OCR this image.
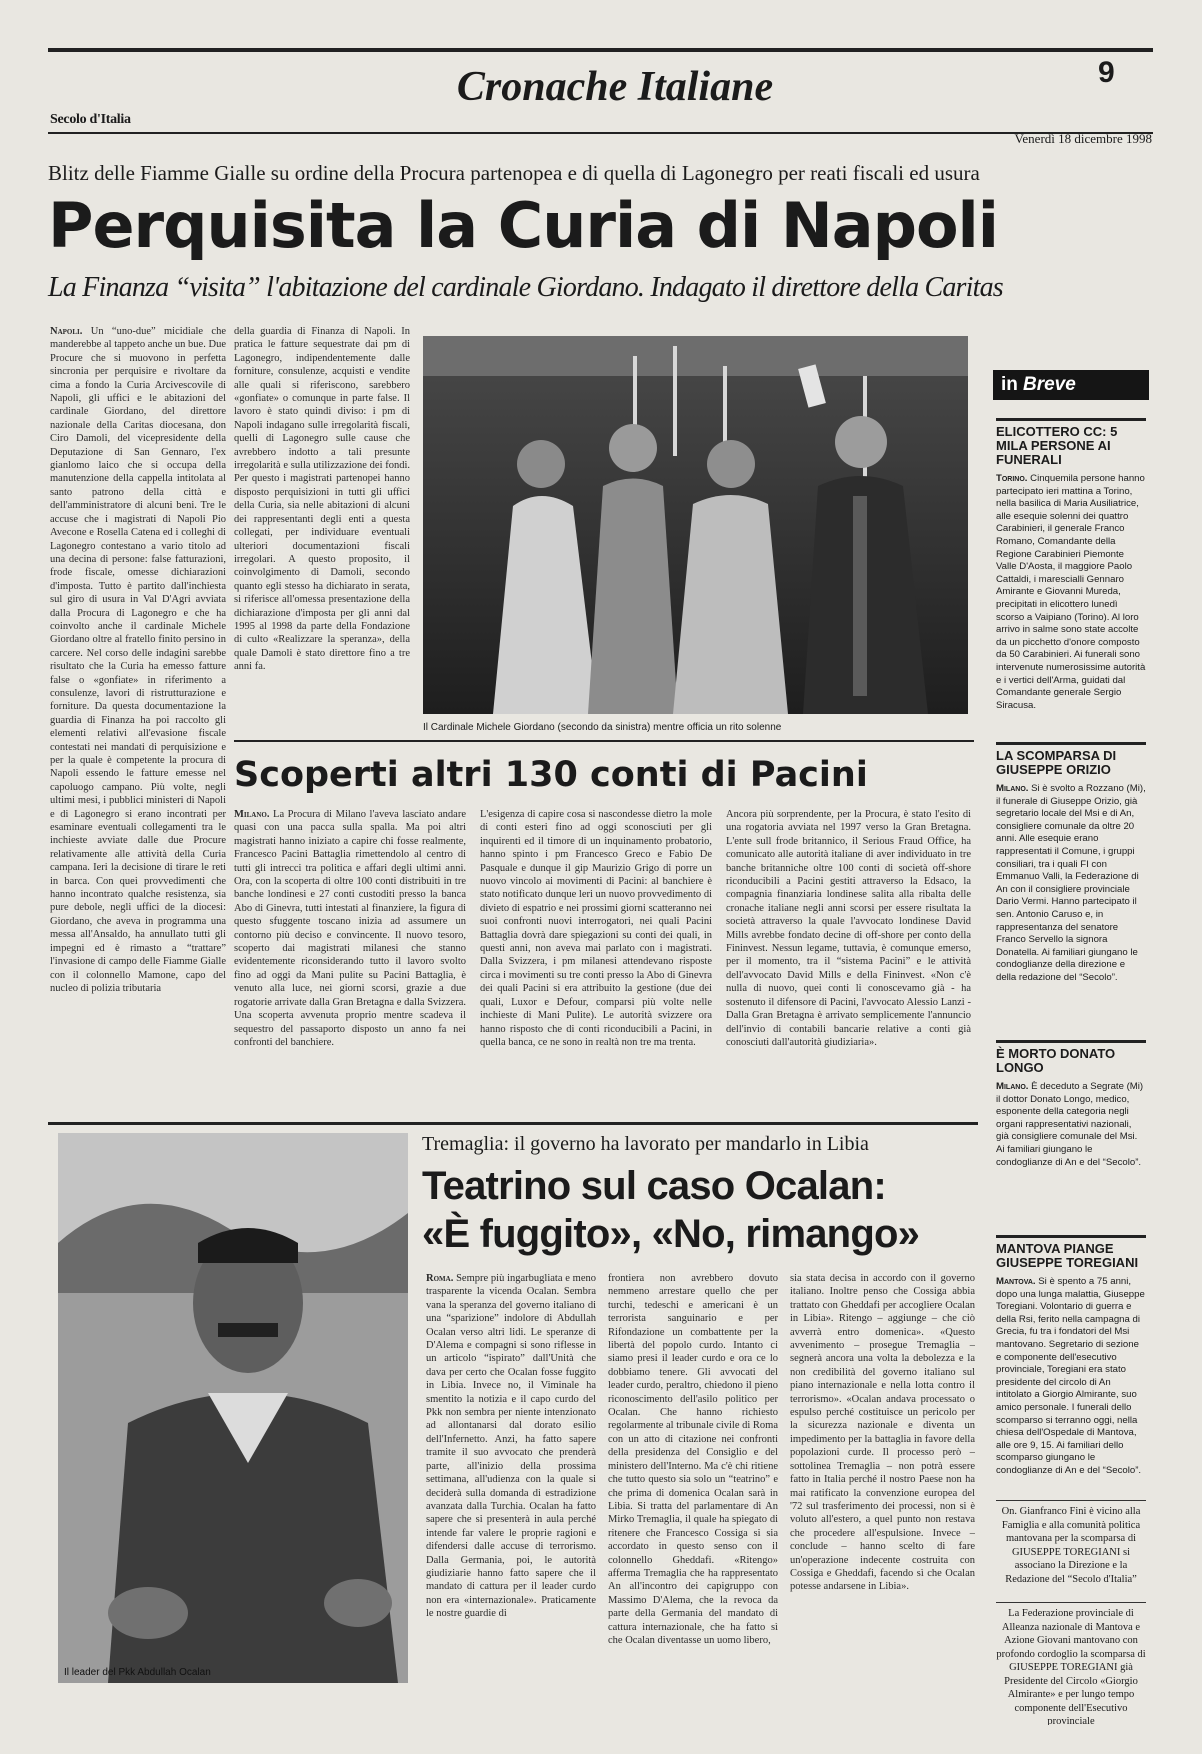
Secolo d'Italia
Cronache Italiane	9
Venerdì 18 dicembre 1998
Blitz delle Fiamme Gialle su ordine della Procura partenopea e di quella di Lagonegro per reati fiscali ed usura
Perquisita la Curia di Napoli
La Finanza “visita” l'abitazione del cardinale Giordano. Indagato il direttore della Caritas
Napoli. Un “uno-due” micidiale che manderebbe al tappeto anche un bue. Due Procure che si muovono in perfetta sincronia per perquisire e rivoltare da cima a fondo la Curia Arcivescovile di Napoli, gli uffici e le abitazioni del cardinale Giordano, del direttore nazionale della Caritas diocesana, don Ciro Damoli, del vicepresidente della Deputazione di San Gennaro, l'ex gianlomo laico che si occupa della manutenzione della cappella intitolata al santo patrono della città e dell'amministratore di alcuni beni. Tre le accuse che i magistrati di Napoli Pio Avecone e Rosella Catena ed i colleghi di Lagonegro contestano a vario titolo ad una decina di persone: false fatturazioni, frode fiscale, omesse dichiarazioni d'imposta. Tutto è partito dall'inchiesta sul giro di usura in Val D'Agri avviata dalla Procura di Lagonegro e che ha coinvolto anche il cardinale Michele Giordano oltre al fratello finito persino in carcere. Nel corso delle indagini sarebbe risultato che la Curia ha emesso fatture false o «gonfiate» in riferimento a consulenze, lavori di ristrutturazione e forniture. Da questa documentazione la guardia di Finanza ha poi raccolto gli elementi relativi all'evasione fiscale contestati nei mandati di perquisizione e per la quale è competente la procura di Napoli essendo le fatture emesse nel capoluogo campano. Più volte, negli ultimi mesi, i pubblici ministeri di Napoli e di Lagonegro si erano incontrati per esaminare eventuali collegamenti tra le inchieste avviate dalle due Procure relativamente alle attività della Curia campana. Ieri la decisione di tirare le reti in barca. Con quei provvedimenti che hanno incontrato qualche resistenza, sia pure debole, negli uffici de la diocesi: Giordano, che aveva in programma una messa all'Ansaldo, ha annullato tutti gli impegni ed è rimasto a “trattare” l'invasione di campo delle Fiamme Gialle con il colonnello Mamone, capo del nucleo di polizia tributaria
della guardia di Finanza di Napoli. In pratica le fatture sequestrate dai pm di Lagonegro, indipendentemente dalle forniture, consulenze, acquisti e vendite alle quali si riferiscono, sarebbero «gonfiate» o comunque in parte false. Il lavoro è stato quindi diviso: i pm di Napoli indagano sulle irregolarità fiscali, quelli di Lagonegro sulle cause che avrebbero indotto a tali presunte irregolarità e sulla utilizzazione dei fondi. Per questo i magistrati partenopei hanno disposto perquisizioni in tutti gli uffici della Curia, sia nelle abitazioni di alcuni dei rappresentanti degli enti a questa collegati, per individuare eventuali ulteriori documentazioni fiscali irregolari. A questo proposito, il coinvolgimento di Damoli, secondo quanto egli stesso ha dichiarato in serata, si riferisce all'omessa presentazione della dichiarazione d'imposta per gli anni dal 1995 al 1998 da parte della Fondazione di culto «Realizzare la speranza», della quale Damoli è stato direttore fino a tre anni fa.
Il Cardinale Michele Giordano (secondo da sinistra) mentre officia un rito solenne
in Breve

ELICOTTERO CC: 5 MILA PERSONE AI FUNERALI

Torino. Cinquemila persone hanno partecipato ieri mattina a Torino, nella basilica di Maria Ausiliatrice, alle esequie solenni dei quattro Carabinieri, il generale Franco Romano, Comandante della Regione Carabinieri Piemonte Valle D'Aosta, il maggiore Paolo Cattaldi, i marescialli Gennaro Amirante e Giovanni Mureda, precipitati in elicottero lunedì scorso a Vaipiano (Torino). Al loro arrivo in salme sono state accolte da un picchetto d'onore composto da 50 Carabinieri. Ai funerali sono intervenute numerosissime autorità e i vertici dell'Arma, guidati dal Comandante generale Sergio Siracusa.

LA SCOMPARSA DI GIUSEPPE ORIZIO

Milano. Si è svolto a Rozzano (Mi), il funerale di Giuseppe Orizio, già segretario locale del Msi e di An, consigliere comunale da oltre 20 anni. Alle esequie erano rappresentati il Comune, i gruppi consiliari, tra i quali FI con Emmanuo Valli, la Federazione di An con il consigliere provinciale Dario Vermi. Hanno partecipato il sen. Antonio Caruso e, in rappresentanza del senatore Franco Servello la signora Donatella. Ai familiari giungano le condoglianze della direzione e della redazione del “Secolo”.

È MORTO DONATO LONGO

Milano. È deceduto a Segrate (Mi) il dottor Donato Longo, medico, esponente della categoria negli organi rappresentativi nazionali, già consigliere comunale del Msi. Ai familiari giungano le condoglianze di An e del “Secolo”.

MANTOVA PIANGE GIUSEPPE TOREGIANI

Mantova. Si è spento a 75 anni, dopo una lunga malattia, Giuseppe Toregiani. Volontario di guerra e della Rsi, ferito nella campagna di Grecia, fu tra i fondatori del Msi mantovano. Segretario di sezione e componente dell'esecutivo provinciale, Toregiani era stato presidente del circolo di An intitolato a Giorgio Almirante, suo amico personale. I funerali dello scomparso si terranno oggi, nella chiesa dell'Ospedale di Mantova, alle ore 9, 15. Ai familiari dello scomparso giungano le condoglianze di An e del “Secolo”.

On. Gianfranco Fini è vicino alla Famiglia e alla comunità politica mantovana per la scomparsa di GIUSEPPE TOREGIANI si associano la Direzione e la Redazione del “Secolo d'Italia”
La Federazione provinciale di Alleanza nazionale di Mantova e Azione Giovani mantovano con profondo cordoglio la scomparsa di GIUSEPPE TOREGIANI già Presidente del Circolo «Giorgio Almirante» e per lungo tempo componente dell'Esecutivo provinciale
Scoperti altri 130 conti di Pacini
Milano. La Procura di Milano l'aveva lasciato andare quasi con una pacca sulla spalla. Ma poi altri magistrati hanno iniziato a capire chi fosse realmente, Francesco Pacini Battaglia rimettendolo al centro di tutti gli intrecci tra politica e affari degli ultimi anni. Ora, con la scoperta di oltre 100 conti distribuiti in tre banche londinesi e 27 conti custoditi presso la banca Abo di Ginevra, tutti intestati al finanziere, la figura di questo sfuggente toscano inizia ad assumere un contorno più deciso e convincente. Il nuovo tesoro, scoperto dai magistrati milanesi che stanno evidentemente riconsiderando tutto il lavoro svolto fino ad oggi da Mani pulite su Pacini Battaglia, è venuto alla luce, nei giorni scorsi, grazie a due rogatorie arrivate dalla Gran Bretagna e dalla Svizzera. Una scoperta avvenuta proprio mentre scadeva il sequestro del passaporto disposto un anno fa nei confronti del banchiere.
L'esigenza di capire cosa si nascondesse dietro la mole di conti esteri fino ad oggi sconosciuti per gli inquirenti ed il timore di un inquinamento probatorio, hanno spinto i pm Francesco Greco e Fabio De Pasquale e dunque il gip Maurizio Grigo di porre un nuovo vincolo ai movimenti di Pacini: al banchiere è stato notificato dunque leri un nuovo provvedimento di divieto di espatrio e nei prossimi giorni scatteranno nei suoi confronti nuovi interrogatori, nei quali Pacini Battaglia dovrà dare spiegazioni su conti dei quali, in questi anni, non aveva mai parlato con i magistrati. Dalla Svizzera, i pm milanesi attendevano risposte circa i movimenti su tre conti presso la Abo di Ginevra dei quali Pacini si era attribuito la gestione (due dei quali, Luxor e Defour, comparsi più volte nelle inchieste di Mani Pulite). Le autorità svizzere ora hanno risposto che di conti riconducibili a Pacini, in quella banca, ce ne sono in realtà non tre ma trenta.
Ancora più sorprendente, per la Procura, è stato l'esito di una rogatoria avviata nel 1997 verso la Gran Bretagna. L'ente sull frode britannico, il Serious Fraud Office, ha comunicato alle autorità italiane di aver individuato in tre banche britanniche oltre 100 conti di società off-shore riconducibili a Pacini gestiti attraverso la Edsaco, la compagnia finanziaria londinese salita alla ribalta delle cronache italiane negli anni scorsi per essere risultata la società attraverso la quale l'avvocato londinese David Mills avrebbe fondato decine di off-shore per conto della Fininvest. Nessun legame, tuttavia, è comunque emerso, per il momento, tra il “sistema Pacini” e le attività dell'avvocato David Mills e della Fininvest. «Non c'è nulla di nuovo, quei conti li conoscevamo già - ha sostenuto il difensore di Pacini, l'avvocato Alessio Lanzi - Dalla Gran Bretagna è arrivato semplicemente l'annuncio dell'invio di contabili bancarie relative a conti già conosciuti dall'autorità giudiziaria».
Il leader del Pkk Abdullah Ocalan
Tremaglia: il governo ha lavorato per mandarlo in Libia
Teatrino sul caso Ocalan:
«È fuggito», «No, rimango»
Roma. Sempre più ingarbugliata e meno trasparente la vicenda Ocalan. Sembra vana la speranza del governo italiano di una “sparizione” indolore di Abdullah Ocalan verso altri lidi. Le speranze di D'Alema e compagni si sono riflesse in un articolo “ispirato” dall'Unità che dava per certo che Ocalan fosse fuggito in Libia. Invece no, il Viminale ha smentito la notizia e il capo curdo del Pkk non sembra per niente intenzionato ad allontanarsi dal dorato esilio dell'Infernetto. Anzi, ha fatto sapere tramite il suo avvocato che prenderà parte, all'inizio della prossima settimana, all'udienza con la quale si deciderà sulla domanda di estradizione avanzata dalla Turchia. Ocalan ha fatto sapere che si presenterà in aula perché intende far valere le proprie ragioni e difendersi dalle accuse di terrorismo. Dalla Germania, poi, le autorità giudiziarie hanno fatto sapere che il mandato di cattura per il leader curdo non era «internazionale». Praticamente le nostre guardie di
frontiera non avrebbero dovuto nemmeno arrestare quello che per turchi, tedeschi e americani è un terrorista sanguinario e per Rifondazione un combattente per la libertà del popolo curdo. Intanto ci siamo presi il leader curdo e ora ce lo dobbiamo tenere. Gli avvocati del leader curdo, peraltro, chiedono il pieno riconoscimento dell'asilo politico per Ocalan. Che hanno richiesto regolarmente al tribunale civile di Roma con un atto di citazione nei confronti della presidenza del Consiglio e del ministero dell'Interno. Ma c'è chi ritiene che tutto questo sia solo un “teatrino” e che prima di domenica Ocalan sarà in Libia. Si tratta del parlamentare di An Mirko Tremaglia, il quale ha spiegato di ritenere che Francesco Cossiga si sia accordato in questo senso con il colonnello Gheddafi. «Ritengo» afferma Tremaglia che ha rappresentato An all'incontro dei capigruppo con Massimo D'Alema, che la revoca da parte della Germania del mandato di cattura internazionale, che ha fatto sì che Ocalan diventasse un uomo libero,
sia stata decisa in accordo con il governo italiano. Inoltre penso che Cossiga abbia trattato con Gheddafi per accogliere Ocalan in Libia». Ritengo – aggiunge – che ciò avverrà entro domenica». «Questo avvenimento – prosegue Tremaglia – segnerà ancora una volta la debolezza e la non credibilità del governo italiano sul piano internazionale e nella lotta contro il terrorismo». «Ocalan andava processato o espulso perché costituisce un pericolo per la sicurezza nazionale e diventa un impedimento per la battaglia in favore della popolazioni curde. Il processo però – sottolinea Tremaglia – non potrà essere fatto in Italia perché il nostro Paese non ha mai ratificato la convenzione europea del '72 sul trasferimento dei processi, non si è voluto all'estero, a quel punto non restava che procedere all'espulsione. Invece – conclude – hanno scelto di fare un'operazione indecente costruita con Cossiga e Gheddafi, facendo sì che Ocalan potesse andarsene in Libia».
